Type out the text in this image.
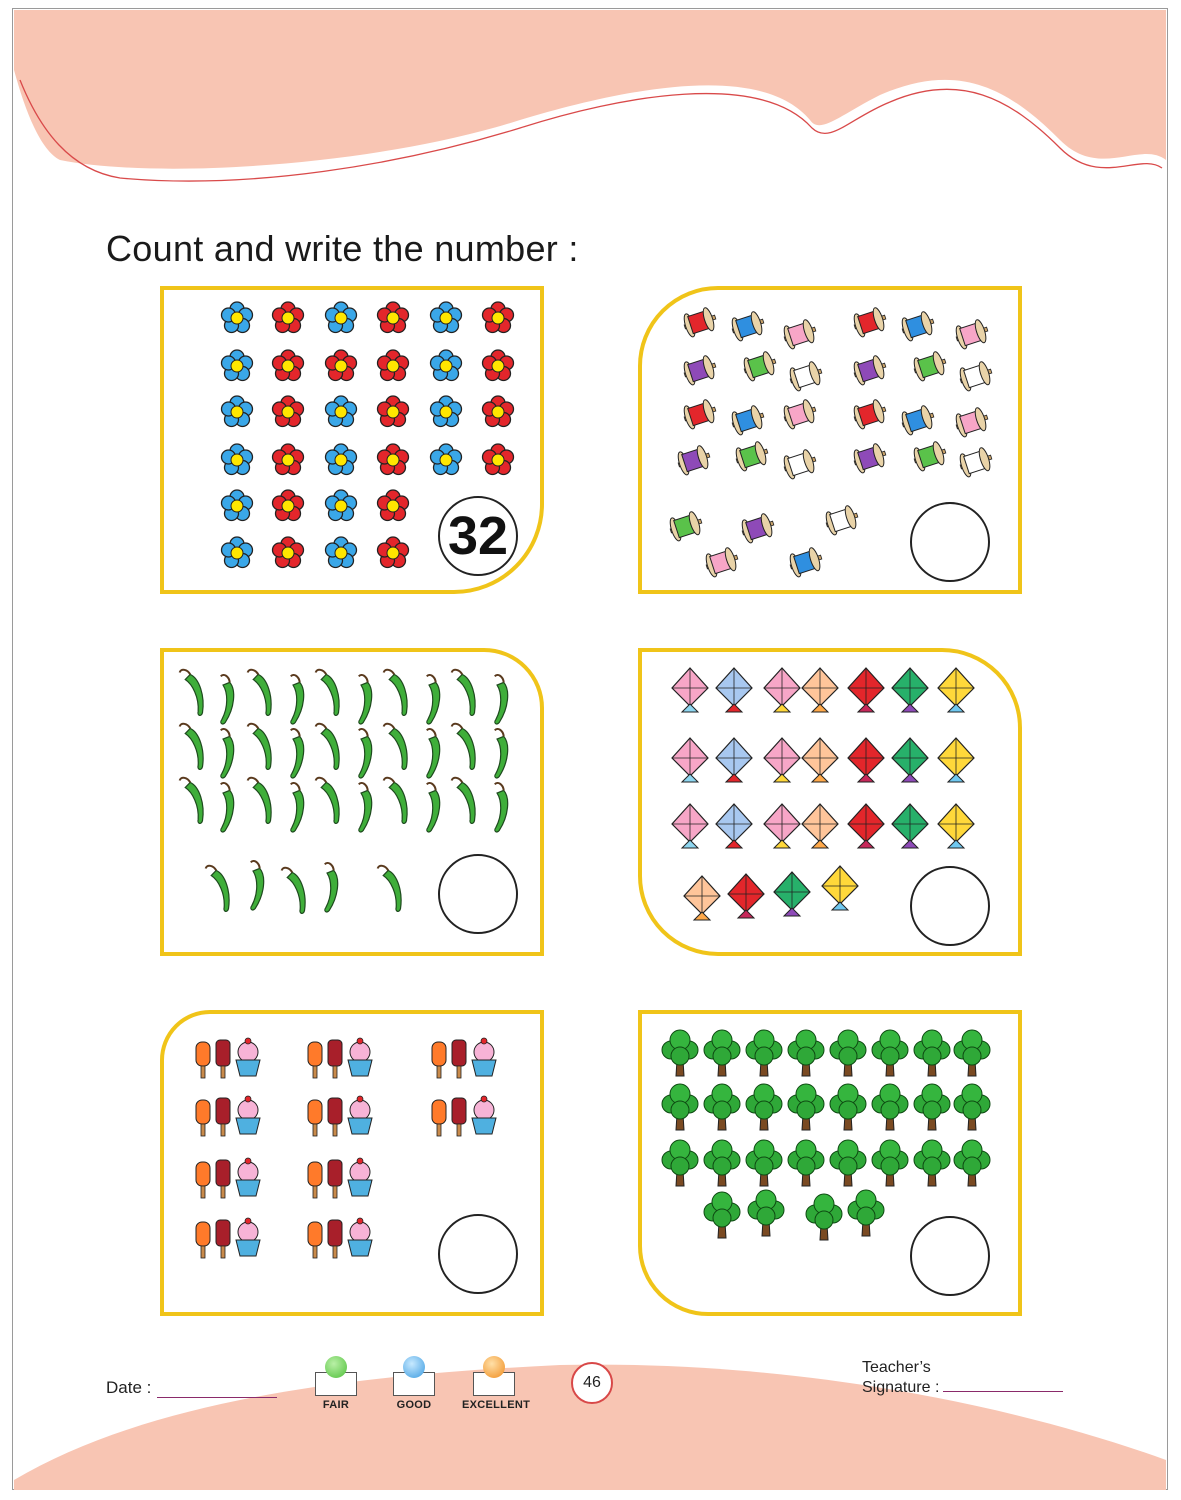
Count and write the number :
32
Date :
FAIR	GOOD	EXCELLENT
46
Teacher’s
Signature :
